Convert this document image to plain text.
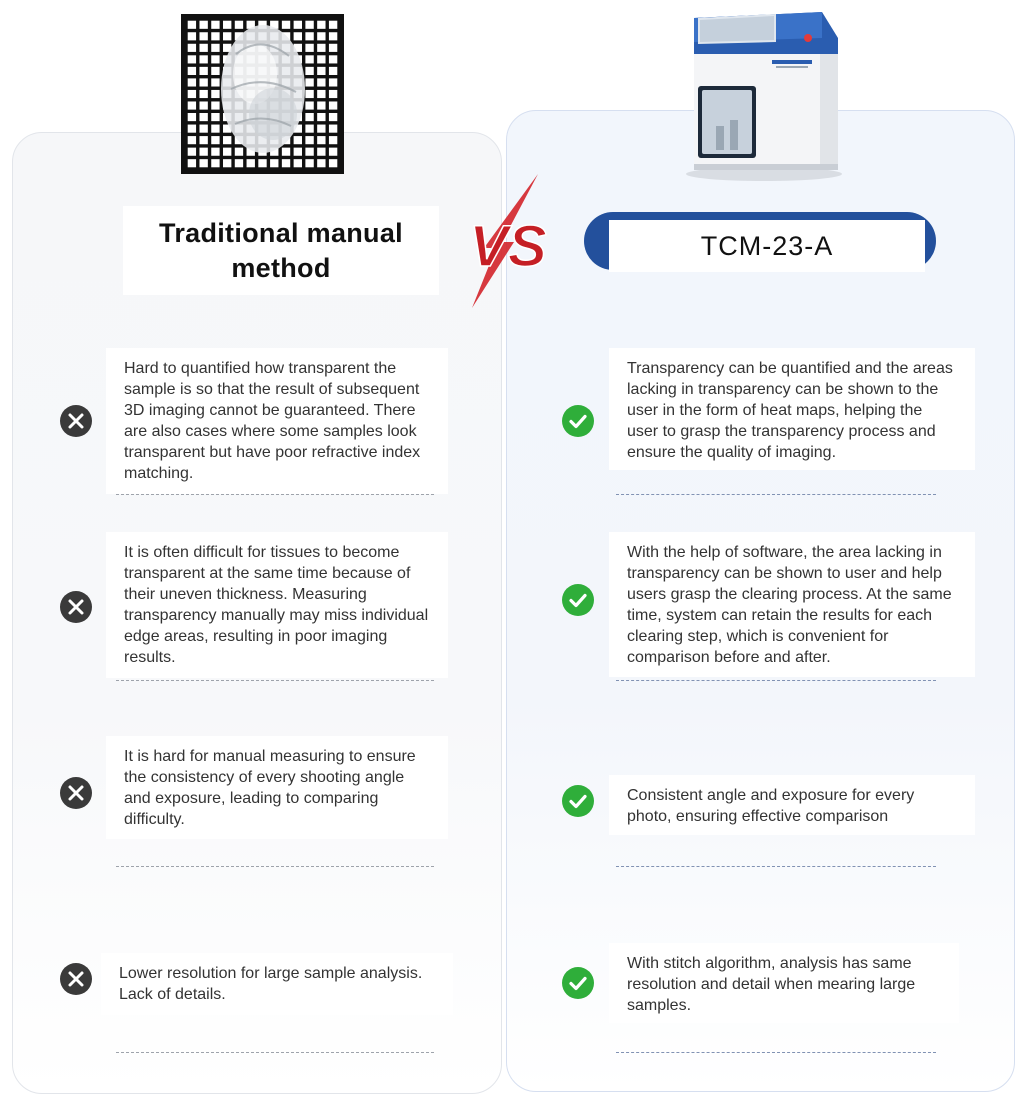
Traditional manual method	VS	TCM-23-A
Hard to quantified how transparent the sample is so that the result of subsequent 3D imaging cannot be guaranteed. There are also cases where some samples look transparent but have poor refractive index matching.
It is often difficult for tissues to become transparent at the same time because of their uneven thickness. Measuring transparency manually may miss individual edge areas, resulting in poor imaging results.
It is hard for manual measuring to ensure the consistency of every shooting angle and exposure, leading to comparing difficulty.
Lower resolution for large sample analysis. Lack of details.
Transparency can be quantified and the areas lacking in transparency can be shown to the user in the form of heat maps, helping the user to grasp the transparency process and ensure the quality of imaging.
With the help of software, the area lacking in transparency can be shown to user and help users grasp the clearing process. At the same time, system can retain the results for each clearing step, which is convenient for comparison before and after.
Consistent angle and exposure for every photo, ensuring effective comparison
With stitch algorithm, analysis has same resolution and detail when mearing large samples.
